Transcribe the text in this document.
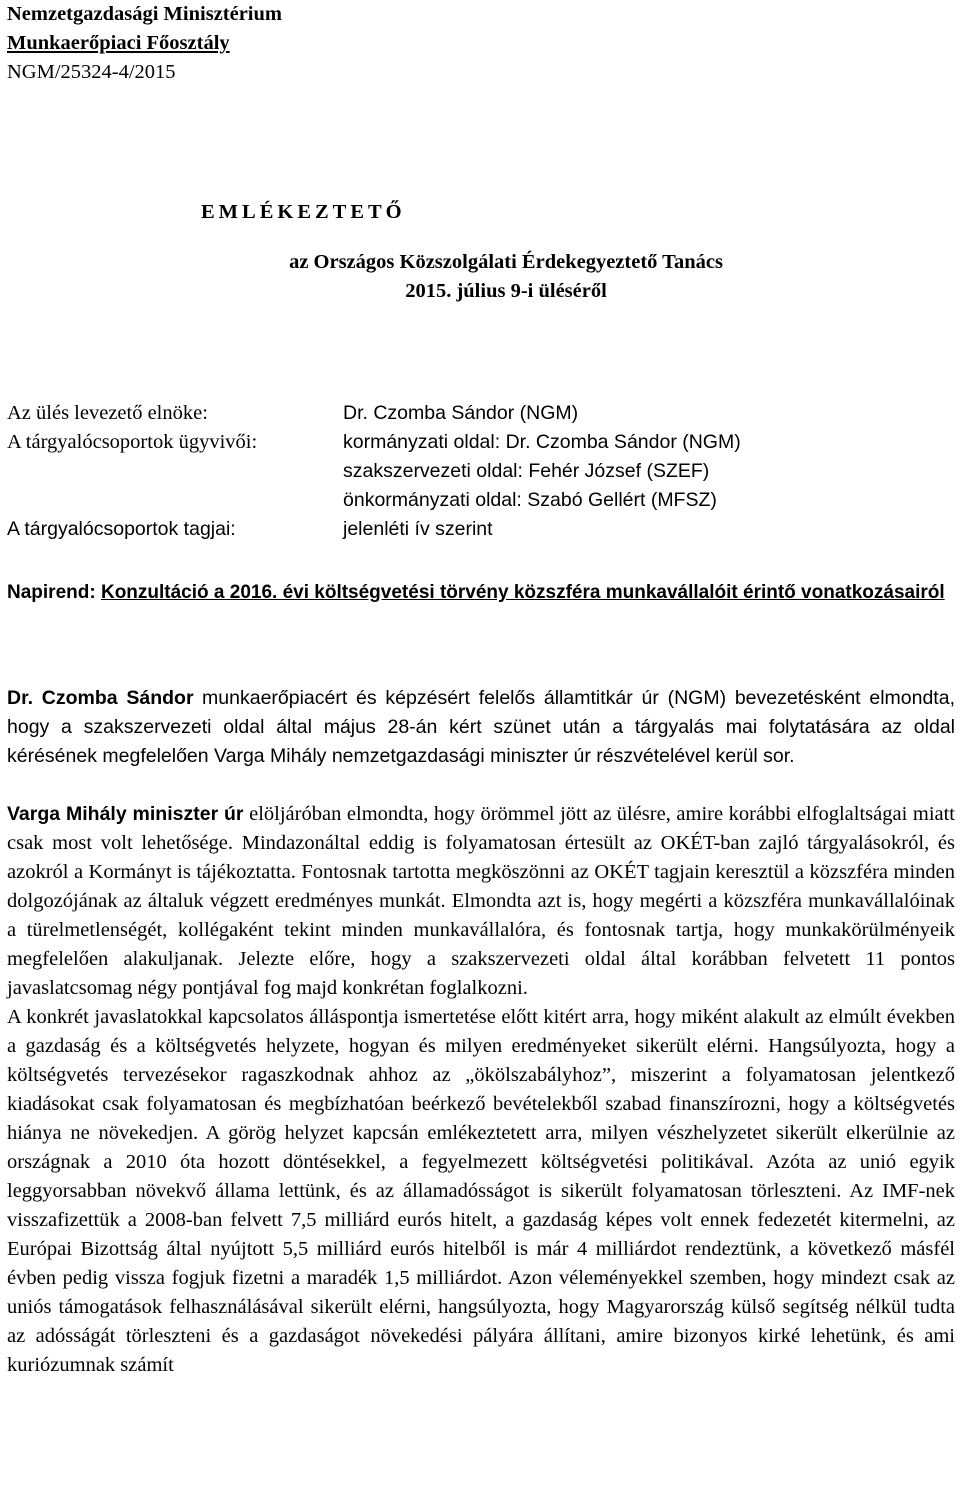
Nemzetgazdasági Minisztérium
Munkaerőpiaci Főosztály
NGM/25324-4/2015
EMLÉKEZTETŐ
az Országos Közszolgálati Érdekegyeztető Tanács
2015. július 9-i üléséről
Az ülés levezető elnöke:	Dr. Czomba Sándor (NGM)
A tárgyalócsoportok ügyvivői:	kormányzati oldal: Dr. Czomba Sándor (NGM)
szakszervezeti oldal: Fehér József (SZEF)
önkormányzati oldal: Szabó Gellért (MFSZ)
A tárgyalócsoportok tagjai:	jelenléti ív szerint
Napirend: Konzultáció a 2016. évi költségvetési törvény közszféra munkavállalóit érintő vonatkozásairól

Dr. Czomba Sándor munkaerőpiacért és képzésért felelős államtitkár úr (NGM) bevezetésként elmondta, hogy a szakszervezeti oldal által május 28-án kért szünet után a tárgyalás mai folytatására az oldal kérésének megfelelően Varga Mihály nemzetgazdasági miniszter úr részvételével kerül sor.

Varga Mihály miniszter úr elöljáróban elmondta, hogy örömmel jött az ülésre, amire korábbi elfoglaltságai miatt csak most volt lehetősége. Mindazonáltal eddig is folyamatosan értesült az OKÉT-ban zajló tárgyalásokról, és azokról a Kormányt is tájékoztatta. Fontosnak tartotta megköszönni az OKÉT tagjain keresztül a közszféra minden dolgozójának az általuk végzett eredményes munkát. Elmondta azt is, hogy megérti a közszféra munkavállalóinak a türelmetlenségét, kollégaként tekint minden munkavállalóra, és fontosnak tartja, hogy munkakörülményeik megfelelően alakuljanak. Jelezte előre, hogy a szakszervezeti oldal által korábban felvetett 11 pontos javaslatcsomag négy pontjával fog majd konkrétan foglalkozni.

A konkrét javaslatokkal kapcsolatos álláspontja ismertetése előtt kitért arra, hogy miként alakult az elmúlt években a gazdaság és a költségvetés helyzete, hogyan és milyen eredményeket sikerült elérni. Hangsúlyozta, hogy a költségvetés tervezésekor ragaszkodnak ahhoz az „ökölszabályhoz”, miszerint a folyamatosan jelentkező kiadásokat csak folyamatosan és megbízhatóan beérkező bevételekből szabad finanszírozni, hogy a költségvetés hiánya ne növekedjen. A görög helyzet kapcsán emlékeztetett arra, milyen vészhelyzetet sikerült elkerülnie az országnak a 2010 óta hozott döntésekkel, a fegyelmezett költségvetési politikával. Azóta az unió egyik leggyorsabban növekvő állama lettünk, és az államadósságot is sikerült folyamatosan törleszteni. Az IMF-nek visszafizettük a 2008-ban felvett 7,5 milliárd eurós hitelt, a gazdaság képes volt ennek fedezetét kitermelni, az Európai Bizottság által nyújtott 5,5 milliárd eurós hitelből is már 4 milliárdot rendeztünk, a következő másfél évben pedig vissza fogjuk fizetni a maradék 1,5 milliárdot. Azon véleményekkel szemben, hogy mindezt csak az uniós támogatások felhasználásával sikerült elérni, hangsúlyozta, hogy Magyarország külső segítség nélkül tudta az adósságát törleszteni és a gazdaságot növekedési pályára állítani, amire bizonyos kirké lehetünk, és ami kuriózumnak számít
